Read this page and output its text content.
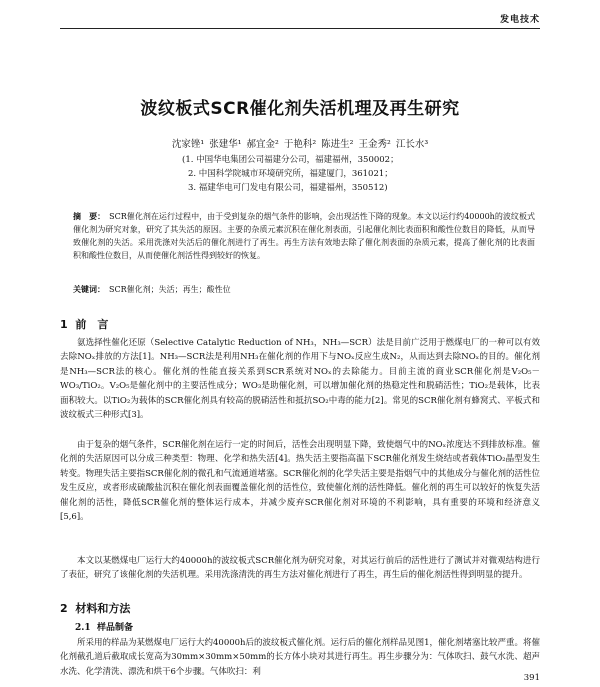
发电技术
波纹板式SCR催化剂失活机理及再生研究
沈家锉¹ 张建华¹ 郝宜金² 于艳科² 陈进生² 王金秀² 江长水³
(1. 中国华电集团公司福建分公司，福建福州，350002；
2. 中国科学院城市环境研究所，福建厦门，361021；
3. 福建华电可门发电有限公司，福建福州，350512)
摘　要： SCR催化剂在运行过程中，由于受到复杂的烟气条件的影响，会出现活性下降的现象。本文以运行约40000h的波纹板式催化剂为研究对象，研究了其失活的原因。主要的杂质元素沉积在催化剂表面，引起催化剂比表面积和酸性位数目的降低，从而导致催化剂的失活。采用洗涤对失活后的催化剂进行了再生。再生方法有效地去除了催化剂表面的杂质元素，提高了催化剂的比表面积和酸性位数目，从而使催化剂活性得到较好的恢复。
关键词： SCR催化剂；失活；再生；酸性位
1 前　言
氨选择性催化还原（Selective Catalytic Reduction of NH₃，NH₃—SCR）法是目前广泛用于燃煤电厂的一种可以有效去除NOₓ排放的方法[1]。NH₃—SCR法是利用NH₃在催化剂的作用下与NOₓ反应生成N₂，从而达到去除NOₓ的目的。催化剂是NH₃—SCR法的核心。催化剂的性能直接关系到SCR系统对NOₓ的去除能力。目前主流的商业SCR催化剂是V₂O₅－WO₃/TiO₂。V₂O₅是催化剂中的主要活性成分；WO₃是助催化剂，可以增加催化剂的热稳定性和脱硝活性；TiO₂是载体，比表面积较大。以TiO₂为载体的SCR催化剂具有较高的脱硝活性和抵抗SO₂中毒的能力[2]。常见的SCR催化剂有蜂窝式、平板式和波纹板式三种形式[3]。
由于复杂的烟气条件，SCR催化剂在运行一定的时间后，活性会出现明显下降，致使烟气中的NOₓ浓度达不到排放标准。催化剂的失活原因可以分成三种类型：物理、化学和热失活[4]。热失活主要指高温下SCR催化剂发生烧结或者载体TiO₂晶型发生转变。物理失活主要指SCR催化剂的微孔和气流通道堵塞。SCR催化剂的化学失活主要是指烟气中的其他成分与催化剂的活性位发生反应，或者形成硫酸盐沉积在催化剂表面覆盖催化剂的活性位，致使催化剂的活性降低。催化剂的再生可以较好的恢复失活催化剂的活性，降低SCR催化剂的整体运行成本，并减少废弃SCR催化剂对环境的不利影响，具有重要的环境和经济意义[5,6]。
本文以某燃煤电厂运行大约40000h的波纹板式SCR催化剂为研究对象，对其运行前后的活性进行了测试并对微观结构进行了表征，研究了该催化剂的失活机理。采用洗涤清洗的再生方法对催化剂进行了再生，再生后的催化剂活性得到明显的提升。
2 材料和方法
2.1 样品制备
所采用的样品为某燃煤电厂运行大约40000h后的波纹板式催化剂。运行后的催化剂样品见图1，催化剂堵塞比较严重。将催化剂截孔道后截取成长宽高为30mm×30mm×50mm的长方体小块对其进行再生。再生步骤分为：气体吹扫、鼓气水洗、超声水洗、化学清洗、漂洗和烘干6个步骤。气体吹扫：利
391
